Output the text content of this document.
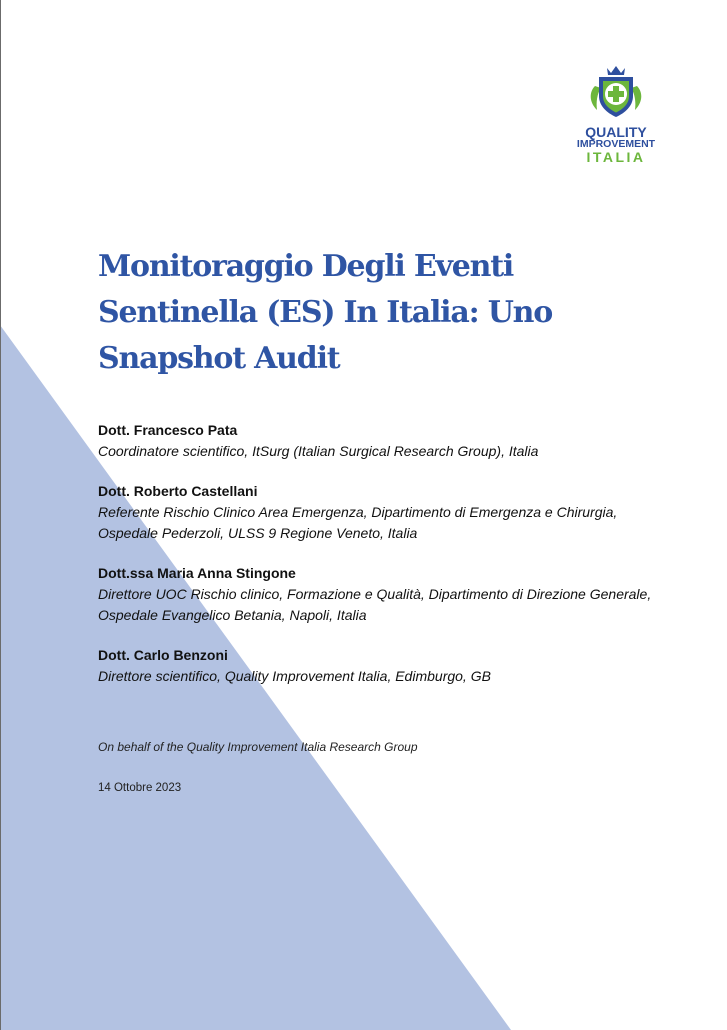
QUALITY
IMPROVEMENT
ITALIA
Monitoraggio Degli Eventi Sentinella (ES) In Italia: Uno Snapshot Audit
Dott. Francesco Pata
Coordinatore scientifico, ItSurg (Italian Surgical Research Group), Italia
Dott. Roberto Castellani
Referente Rischio Clinico Area Emergenza, Dipartimento di Emergenza e Chirurgia, Ospedale Pederzoli, ULSS 9 Regione Veneto, Italia
Dott.ssa Maria Anna Stingone
Direttore UOC Rischio clinico, Formazione e Qualità, Dipartimento di Direzione Generale, Ospedale Evangelico Betania, Napoli, Italia
Dott. Carlo Benzoni
Direttore scientifico, Quality Improvement Italia, Edimburgo, GB
On behalf of the Quality Improvement Italia Research Group
14 Ottobre 2023
